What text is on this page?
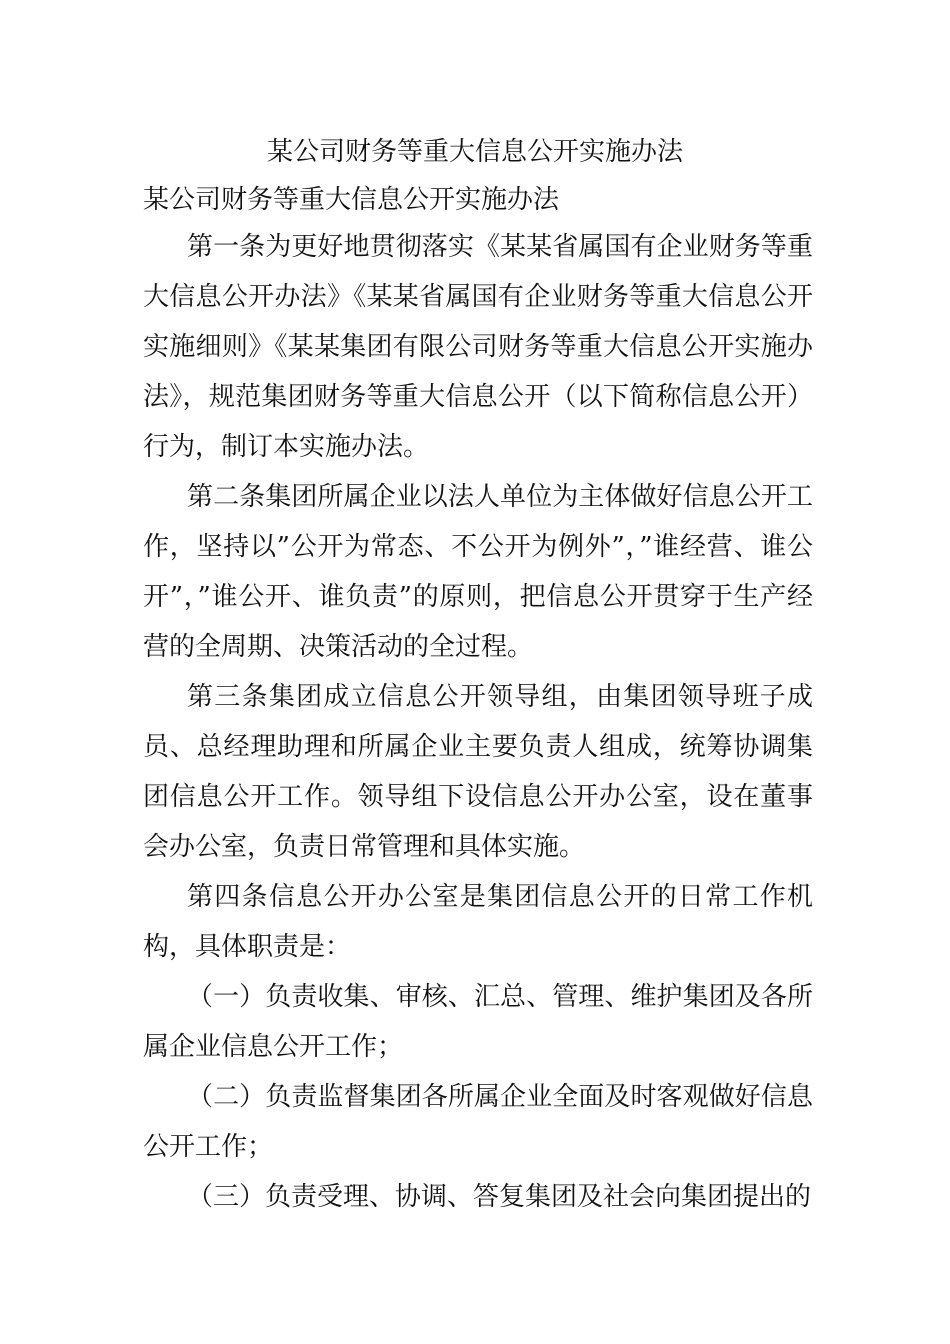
某公司财务等重大信息公开实施办法

某公司财务等重大信息公开实施办法

第一条为更好地贯彻落实《某某省属国有企业财务等重大信息公开办法》《某某省属国有企业财务等重大信息公开实施细则》《某某集团有限公司财务等重大信息公开实施办法》，规范集团财务等重大信息公开（以下简称信息公开）行为，制订本实施办法。

第二条集团所属企业以法人单位为主体做好信息公开工作，坚持以”公开为常态、不公开为例外”，”谁经营、谁公开”，”谁公开、谁负责”的原则，把信息公开贯穿于生产经营的全周期、决策活动的全过程。

第三条集团成立信息公开领导组，由集团领导班子成员、总经理助理和所属企业主要负责人组成，统筹协调集团信息公开工作。领导组下设信息公开办公室，设在董事会办公室，负责日常管理和具体实施。

第四条信息公开办公室是集团信息公开的日常工作机构，具体职责是：

（一）负责收集、审核、汇总、管理、维护集团及各所属企业信息公开工作；

（二）负责监督集团各所属企业全面及时客观做好信息公开工作；

（三）负责受理、协调、答复集团及社会向集团提出的
